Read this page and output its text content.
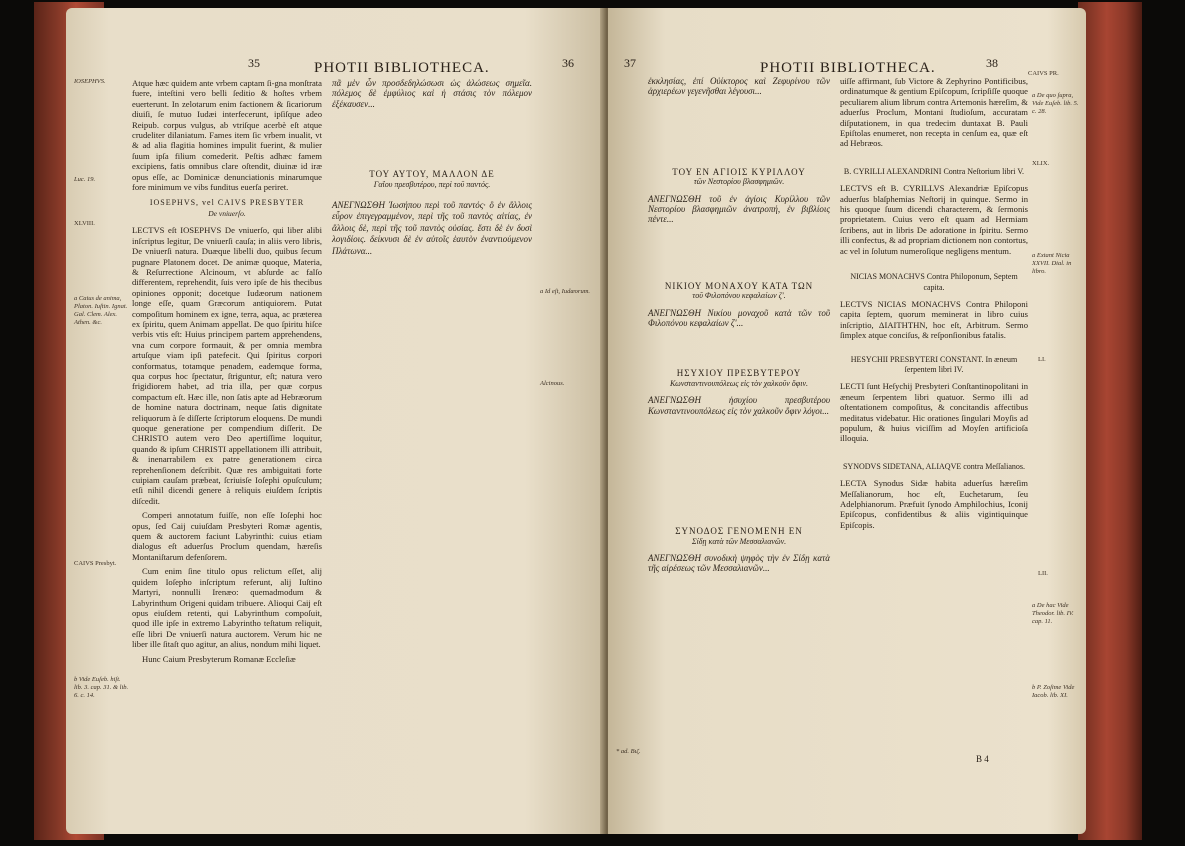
35	PHOTII BIBLIOTHECA.	36
IOSEPHVS.
Luc. 19.
XLVIII.
a Caius de anima, Platon. Iuſtin. Ignat. Gal. Clem. Alex. Athen. &c.
CAIVS Presbyt.
b Vide Euſeb. hiſt. lib. 3. cap. 31. & lib. 6. c. 14.

Atque hæc quidem ante vrbem captam ſi-gna monſtrata fuere, inteſtini vero belli ſeditio & hoſtes vrbem euerterunt. In zelotarum enim factionem & ſicariorum diuiſi, ſe mutuo Iudæi interfecerunt, ipſiſque adeo Reipub. corpus vulgus, ab vtriſque acerbè eſt atque crudeliter dilaniatum. Fames item ſic vrbem inualit, vt & ad alia flagitia homines impulit fuerint, & mulier ſuum ipſa filium comederit. Peſtis adhæc famem excipiens, fatis omnibus clare oſtendit, diuinæ id iræ opus eſſe, ac Dominicæ denunciationis minarumque fore minimum ve vibs funditus euerſa periret.

IOSEPHVS, vel CAIVS PRESBYTER
De vniuerſo.

LECTVS eſt IOSEPHVS De vniuerſo, qui liber alibi inſcriptus legitur, De vniuerſi cauſa; in aliis vero libris, De vniuerſi natura. Duæque libelli duo, quibus ſecum pugnare Platonem docet. De animæ quoque, Materia, & Reſurrectione Alcinoum, vt abſurde ac falſo differentem, reprehendit, ſuis vero ipſe de his thecibus opiniones opponit; docetque Iudæorum nationem longe eſſe, quam Græcorum antiquiorem. Putat compoſitum hominem ex igne, terra, aqua, ac præterea ex ſpiritu, quem Animam appellat. De quo ſpiritu hiſce verbis vtis eſt: Huius principem partem apprehendens, vna cum corpore formauit, & per omnia membra artuſque viam ipſi patefecit. Qui ſpiritus corpori conformatus, totamque penadem, eademque forma, qua corpus hoc ſpectatur, ſtriguntur, eſt; natura vero frigidiorem habet, ad tria illa, per quæ corpus compactum eſt. Hæc ille, non ſatis apte ad Hebræorum de homine natura doctrinam, neque ſatis dignitate reliquorum à ſe diſſerte ſcriptorum eloquens. De mundi quoque generatione per compendium diſſerit. De CHRISTO autem vero Deo apertiſſime loquitur, quando & ipſum CHRISTI appellationem illi attribuit, & inenarrabilem ex patre generationem circa reprehenſionem deſcribit. Quæ res ambiguitati forte cuipiam cauſam præbeat, ſcriuisſe Ioſephi opuſculum; etſi nihil dicendi genere à reliquis eiuſdem ſcriptis diſcedit.

Comperi annotatum fuiſſe, non eſſe Ioſephi hoc opus, ſed Caij cuiuſdam Presbyteri Romæ agentis, quem & auctorem faciunt Labyrinthi: cuius etiam dialogus eſt aduerſus Proclum quendam, hæreſis Montaniſtarum defenſorem.

Cum enim ſine titulo opus relictum eſſet, alij quidem Ioſepho inſcriptum referunt, alij Iuſtino Martyri, nonnulli Irenæo: quemadmodum & Labyrinthum Origeni quidam tribuere. Alioqui Caij eſt opus eiuſdem retenti, qui Labyrinthum compoſuit, quod ille ipſe in extremo Labyrintho teſtatum reliquit, eſſe libri De vniuerſi natura auctorem. Verum hic ne liber ille ſitaſt quo agitur, an alius, nondum mihi liquet.

Hunc Caium Presbyterum Romanæ Eccleſiæ

πᾶ μὲν ὦν προσδεδηλώσωσι ὡς ἀλώσεως σημεῖα. πόλεμος δὲ ἐμφύλιος καὶ ἡ στάσις τὸν πόλεμον ἐξέκαυσεν...

ΤΟΥ ΑΥΤΟΥ, ΜΑΛΛΟΝ ΔΕ
Γαΐου πρεσβυτέρου, περὶ τοῦ παντός.

ΑΝΕΓΝΩΣΘΗ Ἰωσήπου περὶ τοῦ παντός· ὃ ἐν ἄλλοις εὗρον ἐπιγεγραμμένον, περὶ τῆς τοῦ παντὸς αἰτίας, ἐν ἄλλοις δὲ, περὶ τῆς τοῦ παντὸς οὐσίας. ἔστι δὲ ἐν δυσὶ λογιδίοις. δείκνυσι δὲ ἐν αὐτοῖς ἑαυτὸν ἐναντιούμενον Πλάτωνα...

a Id eſt, Iudæorum.
Alcinous.
37	PHOTII BIBLIOTHECA.	38
CAIVS PR.

ἐκκλησίας, ἐπί Οὐίκτορος καὶ Ζεφυρίνου τῶν ἀρχιερέων γεγενῆσθαι λέγουσι...

ΤΟΥ ΕΝ ΑΓΙΟΙΣ ΚΥΡΙΛΛΟΥ
τῶν Νεστορίου βλασφημιῶν.

ΑΝΕΓΝΩΣΘΗ τοῦ ἐν ἁγίοις Κυρίλλου τῶν Νεστορίου βλασφημιῶν ἀνατροπή, ἐν βιβλίοις πέντε...

ΝΙΚΙΟΥ ΜΟΝΑΧΟΥ ΚΑΤΑ ΤΩΝ
τοῦ Φιλοπόνου κεφαλαίων ζ'.

ΑΝΕΓΝΩΣΘΗ Νικίου μοναχοῦ κατὰ τῶν τοῦ Φιλοπόνου κεφαλαίων ζ'...

ΗΣΥΧΙΟΥ ΠΡΕΣΒΥΤΕΡΟΥ
Κωνσταντινουπόλεως εἰς τὸν χαλκοῦν ὄφιν.

ΑΝΕΓΝΩΣΘΗ ἡσυχίου πρεσβυτέρου Κωνσταντινουπόλεως εἰς τὸν χαλκοῦν ὄφιν λόγοι...

ΣΥΝΟΔΟΣ ΓΕΝΟΜΕΝΗ ΕΝ
Σίδῃ κατὰ τῶν Μεσσαλιανῶν.

ΑΝΕΓΝΩΣΘΗ συνοδικὴ ψηφὸς τὴν ἐν Σίδῃ κατὰ τῆς αἱρέσεως τῶν Μεσσαλιανῶν...

* ad. Bιζ.

uiſſe affirmant, ſub Victore & Zephyrino Pontificibus, ordinatumque & gentium Epiſcopum, ſcripſiſſe quoque peculiarem alium librum contra Artemonis hæreſim, & aduerſus Proclum, Montani ſtudioſum, accuratam diſputationem, in qua tredecim duntaxat B. Pauli Epiſtolas enumeret, non recepta in cenſum ea, quæ eſt ad Hebræos.

B. CYRILLI ALEXANDRINI Contra Neſtorium libri V.

LECTVS eſt B. CYRILLVS Alexandriæ Epiſcopus aduerſus blaſphemias Neſtorij in quinque. Sermo in his quoque ſuum dicendi characterem, & ſermonis proprietatem. Cuius vero eſt quam ad Hermiam ſcribens, aut in libris De adoratione in ſpiritu. Sermo illi confectus, & ad propriam dictionem non contortus, ac vel in ſolutum numeroſique negligens mentum.

NICIAS MONACHVS Contra Philoponum, Septem capita.

LECTVS NICIAS MONACHVS Contra Philoponi capita ſeptem, quorum meminerat in libro cuius inſcriptio, ΔΙΑΙΤΗΤΗΝ, hoc eſt, Arbitrum. Sermo ſimplex atque conciſus, & reſponſionibus fatalis.

HESYCHII PRESBYTERI CONSTANT. In æneum ſerpentem libri IV.

LECTI ſunt Heſychij Presbyteri Conſtantinopolitani in æneum ſerpentem libri quatuor. Sermo illi ad oſtentationem compoſitus, & concitandis affectibus meditatus videbatur. Hic orationes ſingulari Moyſis ad populum, & huius viciſſim ad Moyſen artificioſa illoquia.

SYNODVS SIDETANA, ALIAQVE contra Meſſalianos.

LECTA Synodus Sidæ habita aduerſus hæreſim Meſſalianorum, hoc eſt, Euchetarum, ſeu Adelphianorum. Præfuit ſynodo Amphilochius, Iconij Epiſcopus, confidentibus & aliis vigintiquinque Epiſcopis.

B 4
a De quo ſupra, Vide Euſeb. lib. 5. c. 28.
XLIX.
a Extant Nicia XXVII. Dial. in libro.
LI.
LII.
a De hac Vide Theodor. lib. IV. cap. 11.
b P. Zoſime Vide Iacob. lib. XI.
